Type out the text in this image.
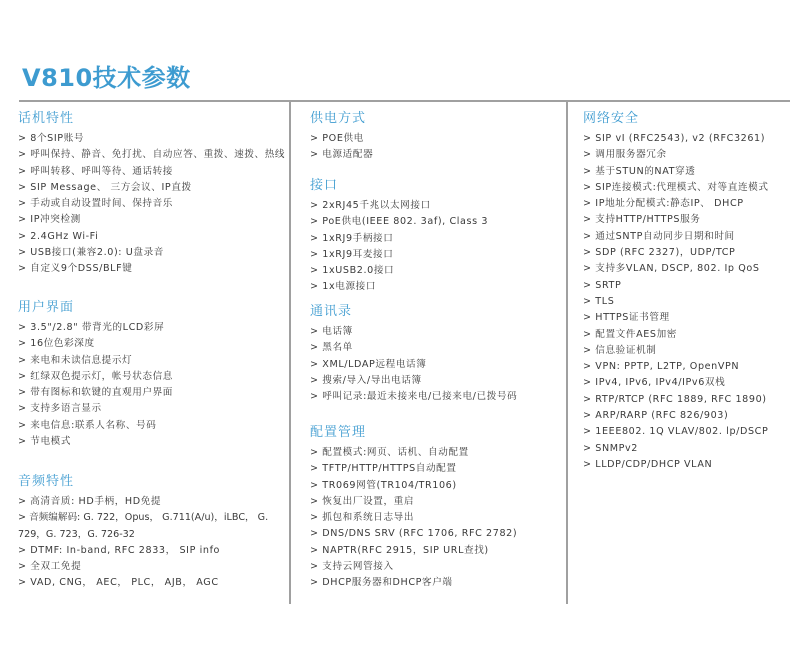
V810技术参数
话机特性
> 8个SIP账号
> 呼叫保持、静音、免打扰、自动应答、重拨、速拨、热线
> 呼叫转移、呼叫等待、通话转接
> SIP Message、 三方会议、IP直拨
> 手动或自动设置时间、保持音乐
> IP冲突检测
> 2.4GHz Wi-Fi
> USB接口(兼容2.0): U盘录音
> 自定义9个DSS/BLF键
用户界面
> 3.5"/2.8" 带背光的LCD彩屏
> 16位色彩深度
> 来电和未读信息提示灯
> 红绿双色提示灯，帐号状态信息
> 带有图标和软键的直观用户界面
> 支持多语言显示
> 来电信息:联系人名称、号码
> 节电模式
音频特性
> 高清音质: HD手柄，HD免提
> 音频编解码: G. 722，Opus， G.711(A/u)，iLBC， G. 729，G. 723，G. 726-32
> DTMF: In-band, RFC 2833， SIP info
> 全双工免提
> VAD, CNG， AEC， PLC， AJB， AGC
供电方式
> POE供电
> 电源适配器
接口
> 2xRJ45千兆以太网接口
> PoE供电(IEEE 802. 3af), Class 3
> 1xRJ9手柄接口
> 1xRJ9耳麦接口
> 1xUSB2.0接口
> 1x电源接口
通讯录
> 电话簿
> 黑名单
> XML/LDAP远程电话簿
> 搜索/导入/导出电话簿
> 呼叫记录:最近未接来电/已接来电/已拨号码
配置管理
> 配置模式:网页、话机、自动配置
> TFTP/HTTP/HTTPS自动配置
> TR069网管(TR104/TR106)
> 恢复出厂设置，重启
> 抓包和系统日志导出
> DNS/DNS SRV (RFC 1706, RFC 2782)
> NAPTR(RFC 2915，SIP URL查找)
> 支持云网管接入
> DHCP服务器和DHCP客户端
网络安全
> SIP vI (RFC2543), v2 (RFC3261)
> 调用服务器冗余
> 基于STUN的NAT穿透
> SIP连接模式:代理模式、对等直连模式
> IP地址分配模式:静态IP、 DHCP
> 支持HTTP/HTTPS服务
> 通过SNTP自动同步日期和时间
> SDP (RFC 2327)，UDP/TCP
> 支持多VLAN, DSCP, 802. Ip QoS
> SRTP
> TLS
> HTTPS证书管理
> 配置文件AES加密
> 信息验证机制
> VPN: PPTP, L2TP, OpenVPN
> IPv4, IPv6, IPv4/IPv6双栈
> RTP/RTCP (RFC 1889, RFC 1890)
> ARP/RARP (RFC 826/903)
> 1EEE802. 1Q VLAV/802. lp/DSCP
> SNMPv2
> LLDP/CDP/DHCP VLAN
